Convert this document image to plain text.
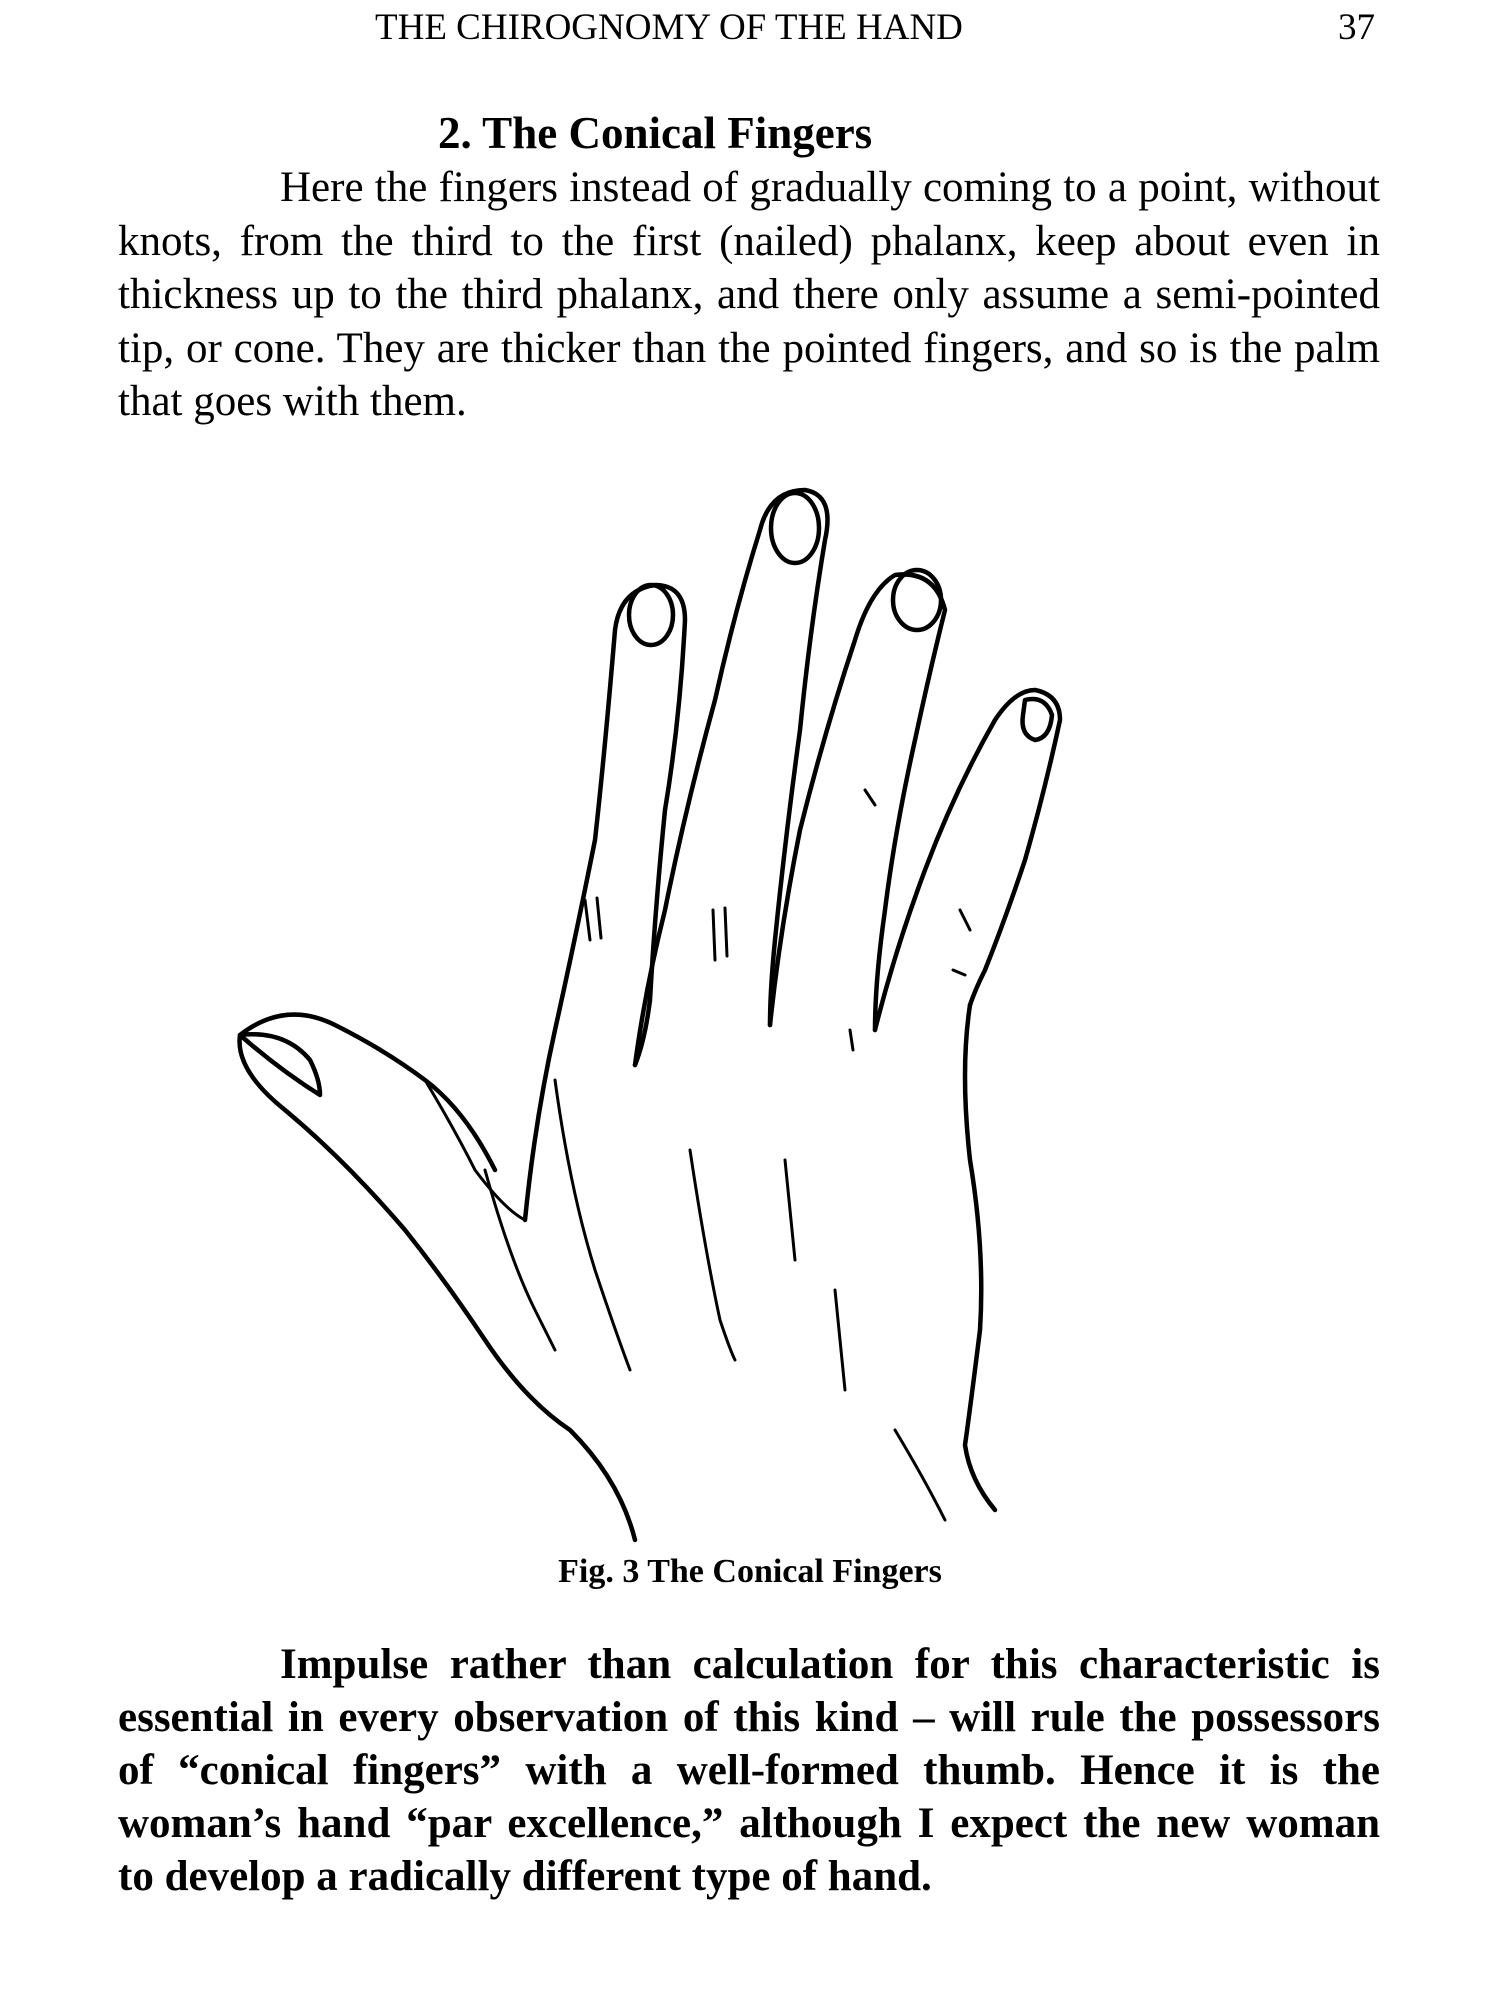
THE CHIROGNOMY OF THE HAND	37
2. The Conical Fingers

Here the fingers instead of gradually coming to a point, without knots, from the third to the first (nailed) phalanx, keep about even in thickness up to the third phalanx, and there only assume a semi-pointed tip, or cone. They are thicker than the pointed fingers, and so is the palm that goes with them.

Fig. 3 The Conical Fingers

Impulse rather than calculation for this characteristic is essential in every observation of this kind – will rule the possessors of “conical fingers” with a well-formed thumb. Hence it is the woman’s hand “par excellence,” although I expect the new woman to develop a radically different type of hand.
